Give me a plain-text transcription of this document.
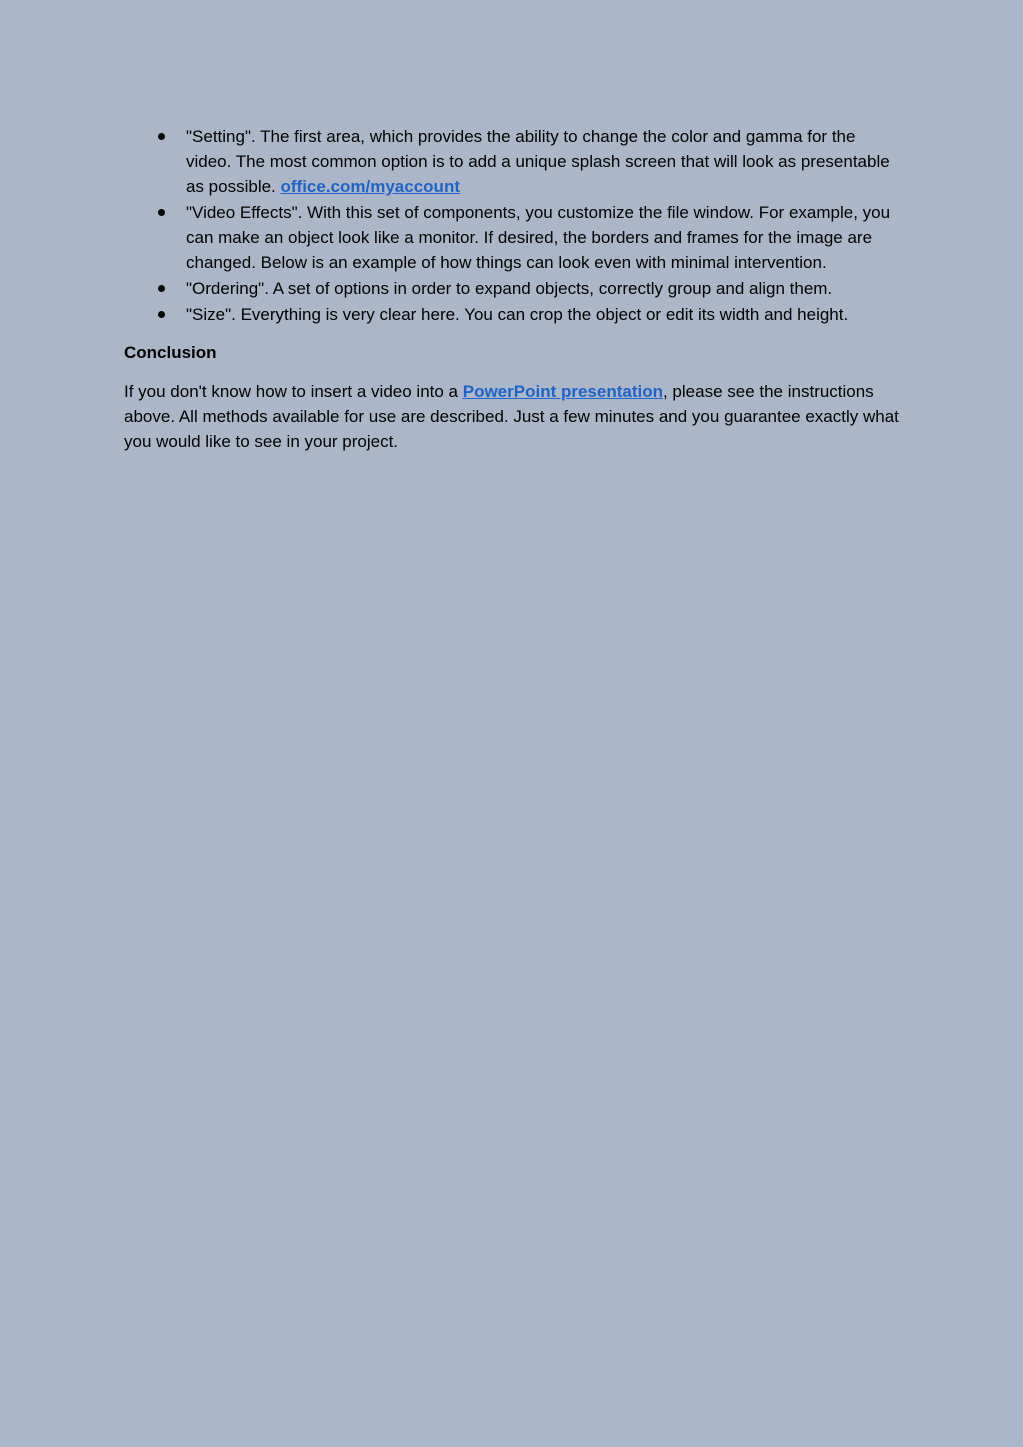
"Setting". The first area, which provides the ability to change the color and gamma for the video. The most common option is to add a unique splash screen that will look as presentable as possible. office.com/myaccount
"Video Effects". With this set of components, you customize the file window. For example, you can make an object look like a monitor. If desired, the borders and frames for the image are changed. Below is an example of how things can look even with minimal intervention.
"Ordering". A set of options in order to expand objects, correctly group and align them.
"Size". Everything is very clear here. You can crop the object or edit its width and height.
Conclusion

If you don't know how to insert a video into a PowerPoint presentation, please see the instructions above. All methods available for use are described. Just a few minutes and you guarantee exactly what you would like to see in your project.
